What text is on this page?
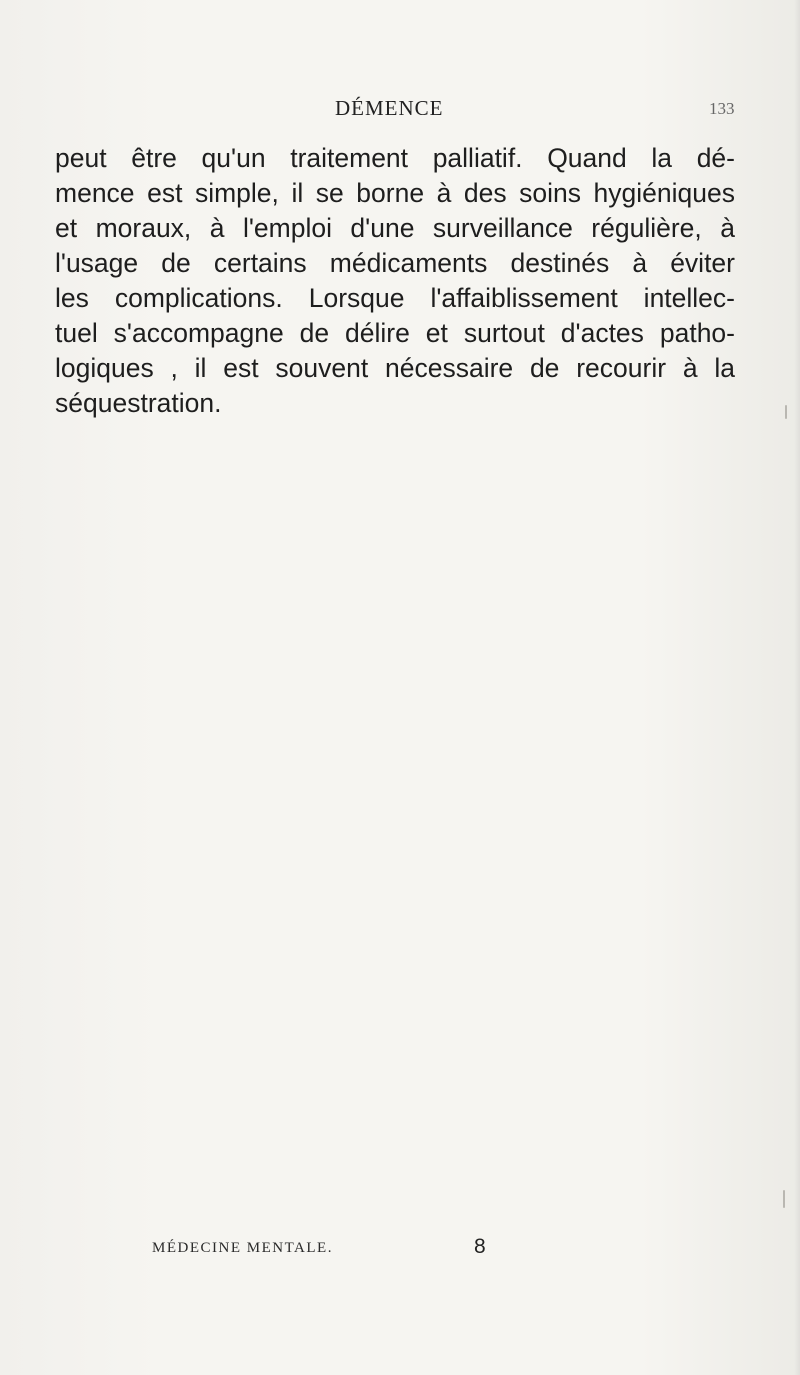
DÉMENCE	133
peut être qu'un traitement palliatif. Quand la dé-
mence est simple, il se borne à des soins hygiéniques
et moraux, à l'emploi d'une surveillance régulière, à
l'usage de certains médicaments destinés à éviter
les complications. Lorsque l'affaiblissement intellec-
tuel s'accompagne de délire et surtout d'actes patho-
logiques , il est souvent nécessaire de recourir à la
séquestration.
MÉDECINE MENTALE.	8
